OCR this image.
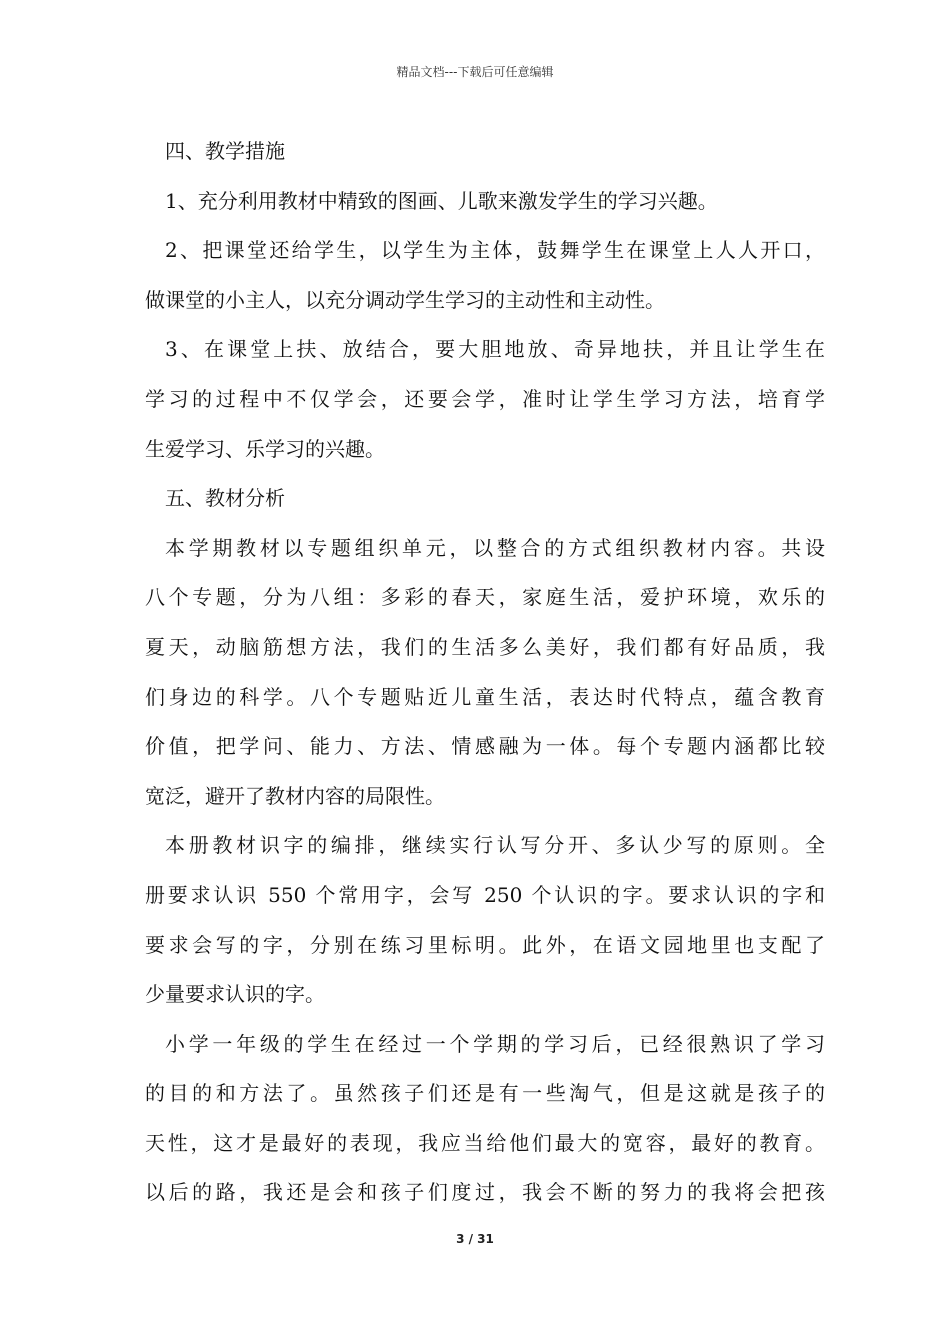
精品文档---下载后可任意编辑
四、教学措施
1、充分利用教材中精致的图画、儿歌来激发学生的学习兴趣。
2、把课堂还给学生，以学生为主体，鼓舞学生在课堂上人人开口，
做课堂的小主人，以充分调动学生学习的主动性和主动性。
3、在课堂上扶、放结合，要大胆地放、奇异地扶，并且让学生在
学习的过程中不仅学会，还要会学，准时让学生学习方法，培育学
生爱学习、乐学习的兴趣。
五、教材分析
本学期教材以专题组织单元，以整合的方式组织教材内容。共设
八个专题，分为八组：多彩的春天，家庭生活，爱护环境，欢乐的
夏天，动脑筋想方法，我们的生活多么美好，我们都有好品质，我
们身边的科学。八个专题贴近儿童生活，表达时代特点，蕴含教育
价值，把学问、能力、方法、情感融为一体。每个专题内涵都比较
宽泛，避开了教材内容的局限性。
本册教材识字的编排，继续实行认写分开、多认少写的原则。全
册要求认识 550 个常用字，会写 250 个认识的字。要求认识的字和
要求会写的字，分别在练习里标明。此外，在语文园地里也支配了
少量要求认识的字。
小学一年级的学生在经过一个学期的学习后，已经很熟识了学习
的目的和方法了。虽然孩子们还是有一些淘气，但是这就是孩子的
天性，这才是最好的表现，我应当给他们最大的宽容，最好的教育。
以后的路，我还是会和孩子们度过，我会不断的努力的我将会把孩
3 / 31
